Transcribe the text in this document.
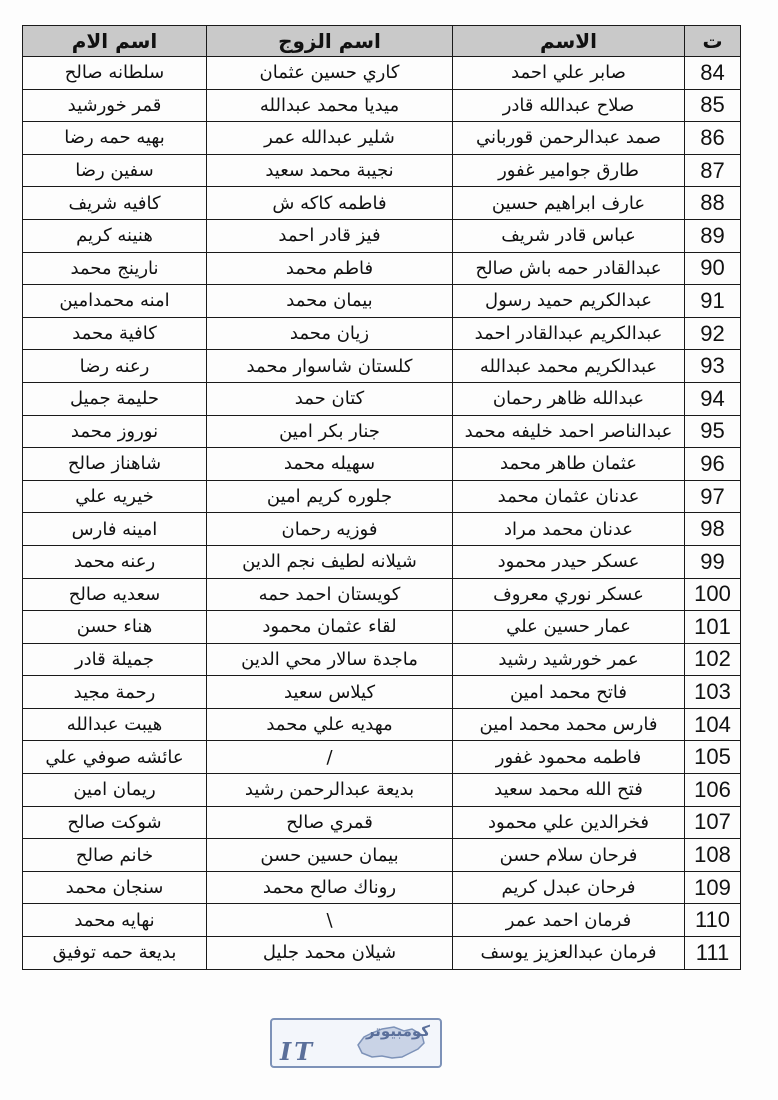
اسم الام	اسم الزوج	الاسم	ت
سلطانه صالح	كاري حسين عثمان	صابر علي احمد	84
قمر خورشيد	ميديا محمد عبدالله	صلاح عبدالله قادر	85
بهيه حمه رضا	شلير عبدالله عمر	صمد عبدالرحمن قورباني	86
سفين رضا	نجيبة محمد سعيد	طارق جوامير غفور	87
كافيه شريف	فاطمه كاكه ش	عارف ابراهيم حسين	88
هنينه كريم	فيز قادر احمد	عباس قادر شريف	89
نارينج محمد	فاطم محمد	عبدالقادر حمه باش صالح	90
امنه محمدامين	بيمان محمد	عبدالكريم حميد رسول	91
كافية محمد	زيان محمد	عبدالكريم عبدالقادر احمد	92
رعنه رضا	كلستان شاسوار محمد	عبدالكريم محمد عبدالله	93
حليمة جميل	كتان حمد	عبدالله ظاهر رحمان	94
نوروز محمد	جنار بكر امين	عبدالناصر احمد خليفه محمد	95
شاهناز صالح	سهيله محمد	عثمان طاهر محمد	96
خيريه علي	جلوره كريم امين	عدنان عثمان محمد	97
امينه فارس	فوزيه رحمان	عدنان محمد مراد	98
رعنه محمد	شيلانه لطيف نجم الدين	عسكر حيدر محمود	99
سعديه صالح	كويستان احمد حمه	عسكر نوري معروف	100
هناء حسن	لقاء عثمان محمود	عمار حسين علي	101
جميلة قادر	ماجدة سالار محي الدين	عمر خورشيد رشيد	102
رحمة مجيد	كيلاس سعيد	فاتح محمد امين	103
هيبت عبدالله	مهديه علي محمد	فارس محمد محمد امين	104
عائشه صوفي علي	/	فاطمه محمود غفور	105
ريمان امين	بديعة عبدالرحمن رشيد	فتح الله محمد سعيد	106
شوكت صالح	قمري صالح	فخرالدين علي محمود	107
خانم صالح	بيمان حسين حسن	فرحان سلام حسن	108
سنجان محمد	روناك صالح محمد	فرحان عبدل كريم	109
نهايه محمد	\	فرمان احمد عمر	110
بديعة حمه توفيق	شيلان محمد جليل	فرمان عبدالعزيز يوسف	111
كومبيوتر
IT
